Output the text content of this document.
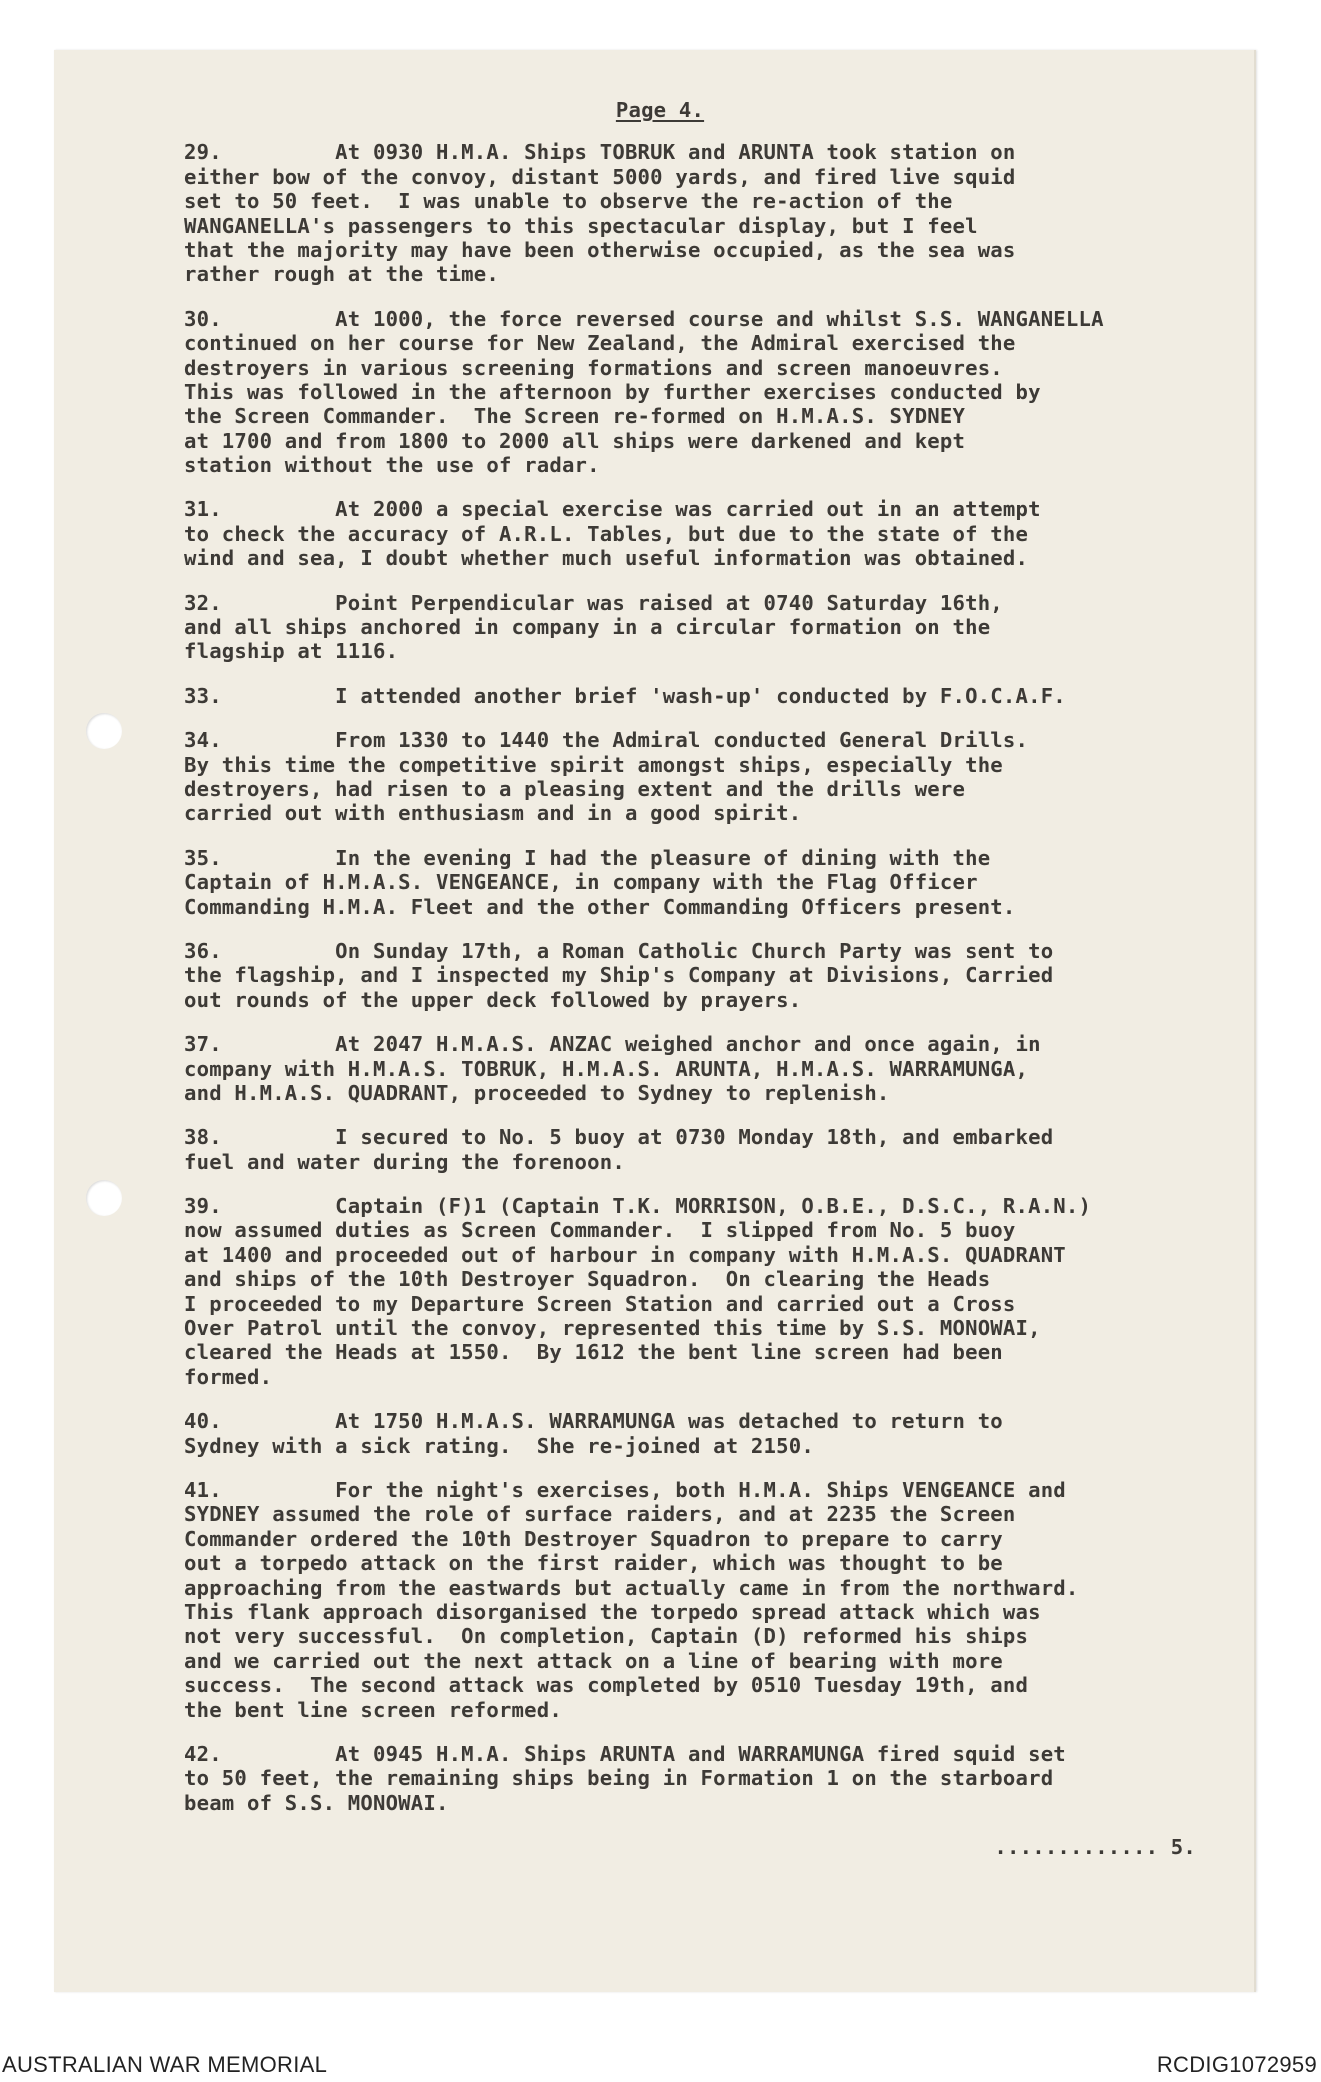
Page 4.
29.         At 0930 H.M.A. Ships TOBRUK and ARUNTA took station on
either bow of the convoy, distant 5000 yards, and fired live squid
set to 50 feet.  I was unable to observe the re-action of the
WANGANELLA's passengers to this spectacular display, but I feel
that the majority may have been otherwise occupied, as the sea was
rather rough at the time.
30.         At 1000, the force reversed course and whilst S.S. WANGANELLA
continued on her course for New Zealand, the Admiral exercised the
destroyers in various screening formations and screen manoeuvres.
This was followed in the afternoon by further exercises conducted by
the Screen Commander.  The Screen re-formed on H.M.A.S. SYDNEY
at 1700 and from 1800 to 2000 all ships were darkened and kept
station without the use of radar.
31.         At 2000 a special exercise was carried out in an attempt
to check the accuracy of A.R.L. Tables, but due to the state of the
wind and sea, I doubt whether much useful information was obtained.
32.         Point Perpendicular was raised at 0740 Saturday 16th,
and all ships anchored in company in a circular formation on the
flagship at 1116.
33.         I attended another brief 'wash-up' conducted by F.O.C.A.F.
34.         From 1330 to 1440 the Admiral conducted General Drills.
By this time the competitive spirit amongst ships, especially the
destroyers, had risen to a pleasing extent and the drills were
carried out with enthusiasm and in a good spirit.
35.         In the evening I had the pleasure of dining with the
Captain of H.M.A.S. VENGEANCE, in company with the Flag Officer
Commanding H.M.A. Fleet and the other Commanding Officers present.
36.         On Sunday 17th, a Roman Catholic Church Party was sent to
the flagship, and I inspected my Ship's Company at Divisions, Carried
out rounds of the upper deck followed by prayers.
37.         At 2047 H.M.A.S. ANZAC weighed anchor and once again, in
company with H.M.A.S. TOBRUK, H.M.A.S. ARUNTA, H.M.A.S. WARRAMUNGA,
and H.M.A.S. QUADRANT, proceeded to Sydney to replenish.
38.         I secured to No. 5 buoy at 0730 Monday 18th, and embarked
fuel and water during the forenoon.
39.         Captain (F)1 (Captain T.K. MORRISON, O.B.E., D.S.C., R.A.N.)
now assumed duties as Screen Commander.  I slipped from No. 5 buoy
at 1400 and proceeded out of harbour in company with H.M.A.S. QUADRANT
and ships of the 10th Destroyer Squadron.  On clearing the Heads
I proceeded to my Departure Screen Station and carried out a Cross
Over Patrol until the convoy, represented this time by S.S. MONOWAI,
cleared the Heads at 1550.  By 1612 the bent line screen had been
formed.
40.         At 1750 H.M.A.S. WARRAMUNGA was detached to return to
Sydney with a sick rating.  She re-joined at 2150.
41.         For the night's exercises, both H.M.A. Ships VENGEANCE and
SYDNEY assumed the role of surface raiders, and at 2235 the Screen
Commander ordered the 10th Destroyer Squadron to prepare to carry
out a torpedo attack on the first raider, which was thought to be
approaching from the eastwards but actually came in from the northward.
This flank approach disorganised the torpedo spread attack which was
not very successful.  On completion, Captain (D) reformed his ships
and we carried out the next attack on a line of bearing with more
success.  The second attack was completed by 0510 Tuesday 19th, and
the bent line screen reformed.
42.         At 0945 H.M.A. Ships ARUNTA and WARRAMUNGA fired squid set
to 50 feet, the remaining ships being in Formation 1 on the starboard
beam of S.S. MONOWAI.
............. 5.
AUSTRALIAN WAR MEMORIAL	RCDIG1072959
